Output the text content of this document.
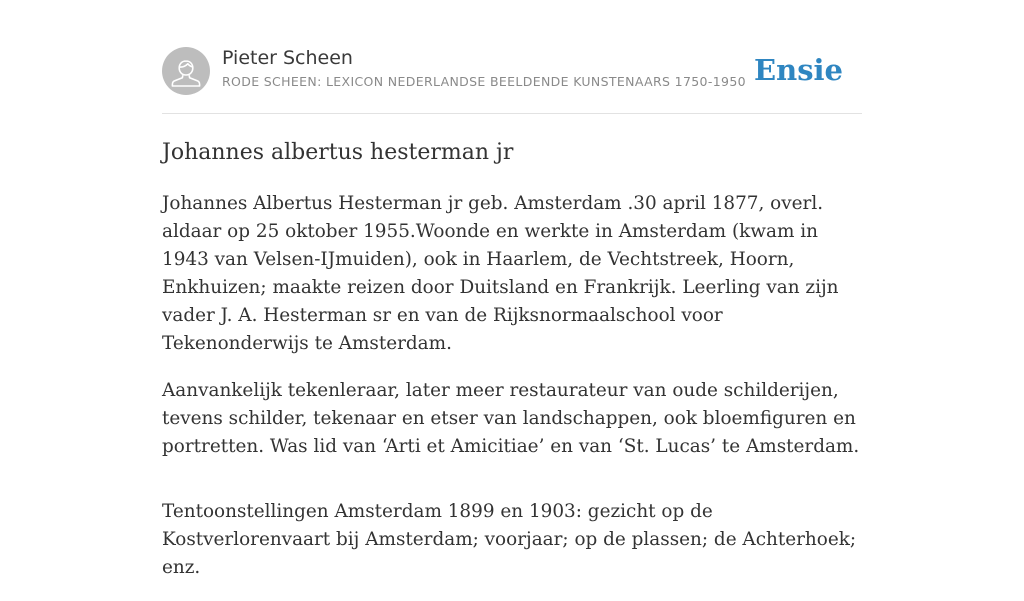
Pieter Scheen
RODE SCHEEN: LEXICON NEDERLANDSE BEELDENDE KUNSTENAARS 1750-1950 Ensie
Johannes albertus hesterman jr

Johannes Albertus Hesterman jr geb. Amsterdam .30 april 1877, overl. aldaar op 25 oktober 1955.Woonde en werkte in Amsterdam (kwam in 1943 van Velsen-IJmuiden), ook in Haarlem, de Vechtstreek, Hoorn, Enkhuizen; maakte reizen door Duitsland en Frankrijk. Leerling van zijn vader J. A. Hesterman sr en van de Rijksnormaalschool voor Tekenonderwijs te Amsterdam.

Aanvankelijk tekenleraar, later meer restaurateur van oude schilderijen, tevens schilder, tekenaar en etser van landschappen, ook bloemfiguren en portretten. Was lid van ‘Arti et Amicitiae’ en van ‘St. Lucas’ te Amsterdam.

Tentoonstellingen Amsterdam 1899 en 1903: gezicht op de Kostverlorenvaart bij Amsterdam; voorjaar; op de plassen; de Achterhoek; enz.
